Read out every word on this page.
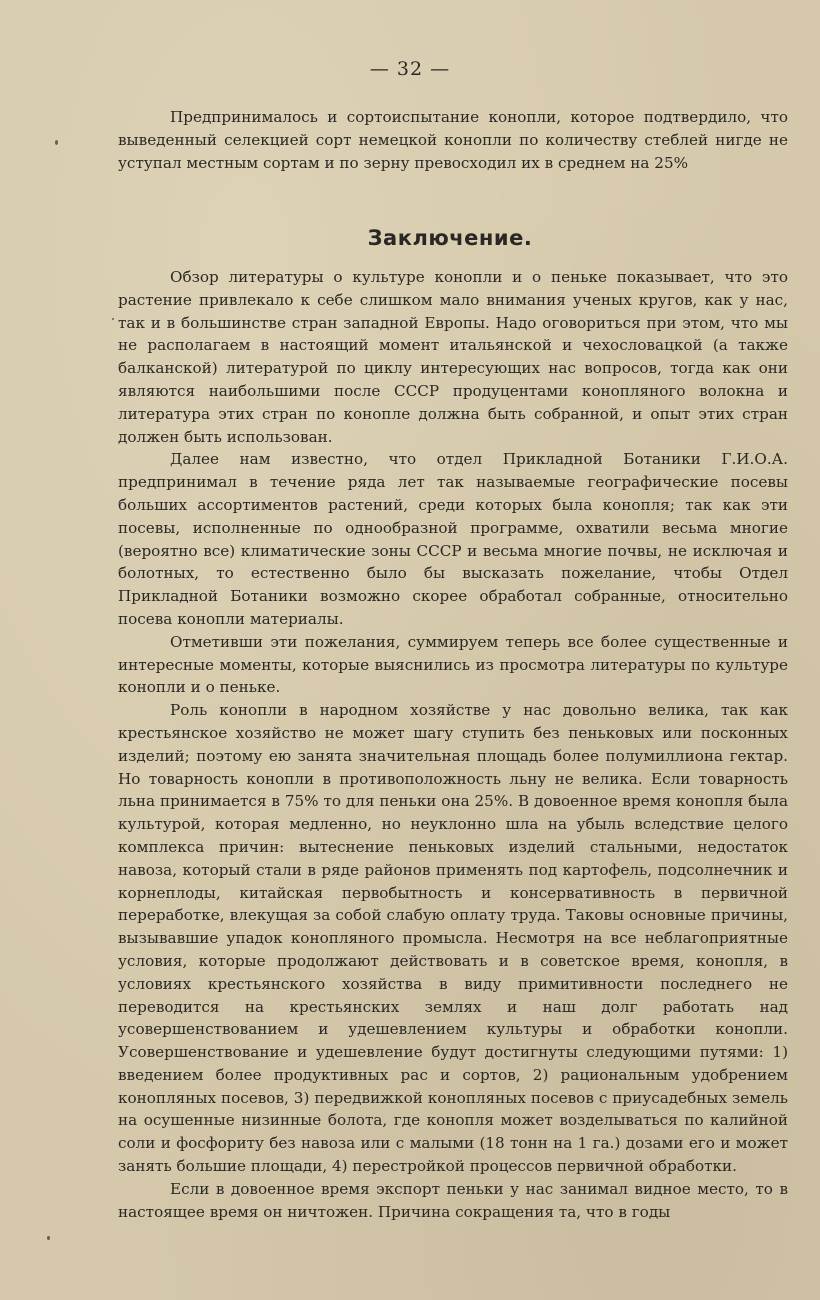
— 32 —

Предпринималось и сортоиспытание конопли, которое подтвердило, что выведенный селекцией сорт немецкой конопли по количеству стеблей нигде не уступал местным сортам и по зерну превосходил их в среднем на 25%

Заключение.

Обзор литературы о культуре конопли и о пеньке показывает, что это растение привлекало к себе слишком мало внимания ученых кругов, как у нас, так и в большинстве стран западной Европы. Надо оговориться при этом, что мы не располагаем в настоящий момент итальянской и чехословацкой (а также балканской) литературой по циклу интересующих нас вопросов, тогда как они являются наибольшими после СССР продуцентами конопляного волокна и литература этих стран по конопле должна быть собранной, и опыт этих стран должен быть использован.

Далее нам известно, что отдел Прикладной Ботаники Г.И.О.А. предпринимал в течение ряда лет так называемые географические посевы больших ассортиментов растений, среди которых была конопля; так как эти посевы, исполненные по однообразной программе, охватили весьма многие (вероятно все) климатические зоны СССР и весьма многие почвы, не исключая и болотных, то естественно было бы высказать пожелание, чтобы Отдел Прикладной Ботаники возможно скорее обработал собранные, относительно посева конопли материалы.

Отметивши эти пожелания, суммируем теперь все более существенные и интересные моменты, которые выяснились из просмотра литературы по культуре конопли и о пеньке.

Роль конопли в народном хозяйстве у нас довольно велика, так как крестьянское хозяйство не может шагу ступить без пеньковых или посконных изделий; поэтому ею занята значительная площадь более полумиллиона гектар. Но товарность конопли в противоположность льну не велика. Если товарность льна принимается в 75% то для пеньки она 25%. В довоенное время конопля была культурой, которая медленно, но неуклонно шла на убыль вследствие целого комплекса причин: вытеснение пеньковых изделий стальными, недостаток навоза, который стали в ряде районов применять под картофель, подсолнечник и корнеплоды, китайская первобытность и консервативность в первичной переработке, влекущая за собой слабую оплату труда. Таковы основные причины, вызывавшие упадок конопляного промысла. Несмотря на все неблагоприятные условия, которые продолжают действовать и в советское время, конопля, в условиях крестьянского хозяйства в виду примитивности последнего не переводится на крестьянских землях и наш долг работать над усовершенствованием и удешевлением культуры и обработки конопли. Усовершенствование и удешевление будут достигнуты следующими путями: 1) введением более продуктивных рас и сортов, 2) рациональным удобрением конопляных посевов, 3) передвижкой конопляных посевов с приусадебных земель на осушенные низинные болота, где конопля может возделываться по калийной соли и фосфориту без навоза или с малыми (18 тонн на 1 га.) дозами его и может занять большие площади, 4) перестройкой процессов первичной обработки.

Если в довоенное время экспорт пеньки у нас занимал видное место, то в настоящее время он ничтожен. Причина сокращения та, что в годы
